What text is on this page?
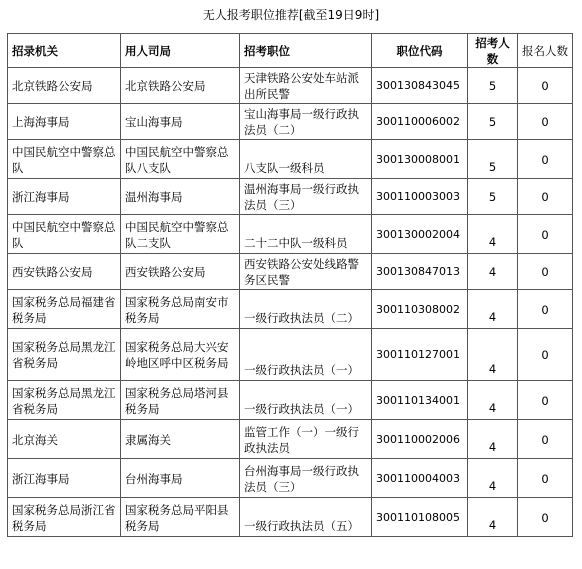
无人报考职位推荐[截至19日9时]
招录机关	用人司局	招考职位	职位代码	招考人数	报名人数
北京铁路公安局	北京铁路公安局	天津铁路公安处车站派出所民警	300130843045	5	0
上海海事局	宝山海事局	宝山海事局一级行政执法员（二）	300110006002	5	0
中国民航空中警察总队	中国民航空中警察总队八支队	八支队一级科员	300130008001	5	0
浙江海事局	温州海事局	温州海事局一级行政执法员（三）	300110003003	5	0
中国民航空中警察总队	中国民航空中警察总队二支队	二十二中队一级科员	300130002004	4	0
西安铁路公安局	西安铁路公安局	西安铁路公安处线路警务区民警	300130847013	4	0
国家税务总局福建省税务局	国家税务总局南安市税务局	一级行政执法员（二）	300110308002	4	0
国家税务总局黑龙江省税务局	国家税务总局大兴安岭地区呼中区税务局	一级行政执法员（一）	300110127001	4	0
国家税务总局黑龙江省税务局	国家税务总局塔河县税务局	一级行政执法员（一）	300110134001	4	0
北京海关	隶属海关	监管工作（一）一级行政执法员	300110002006	4	0
浙江海事局	台州海事局	台州海事局一级行政执法员（三）	300110004003	4	0
国家税务总局浙江省税务局	国家税务总局平阳县税务局	一级行政执法员（五）	300110108005	4	0
